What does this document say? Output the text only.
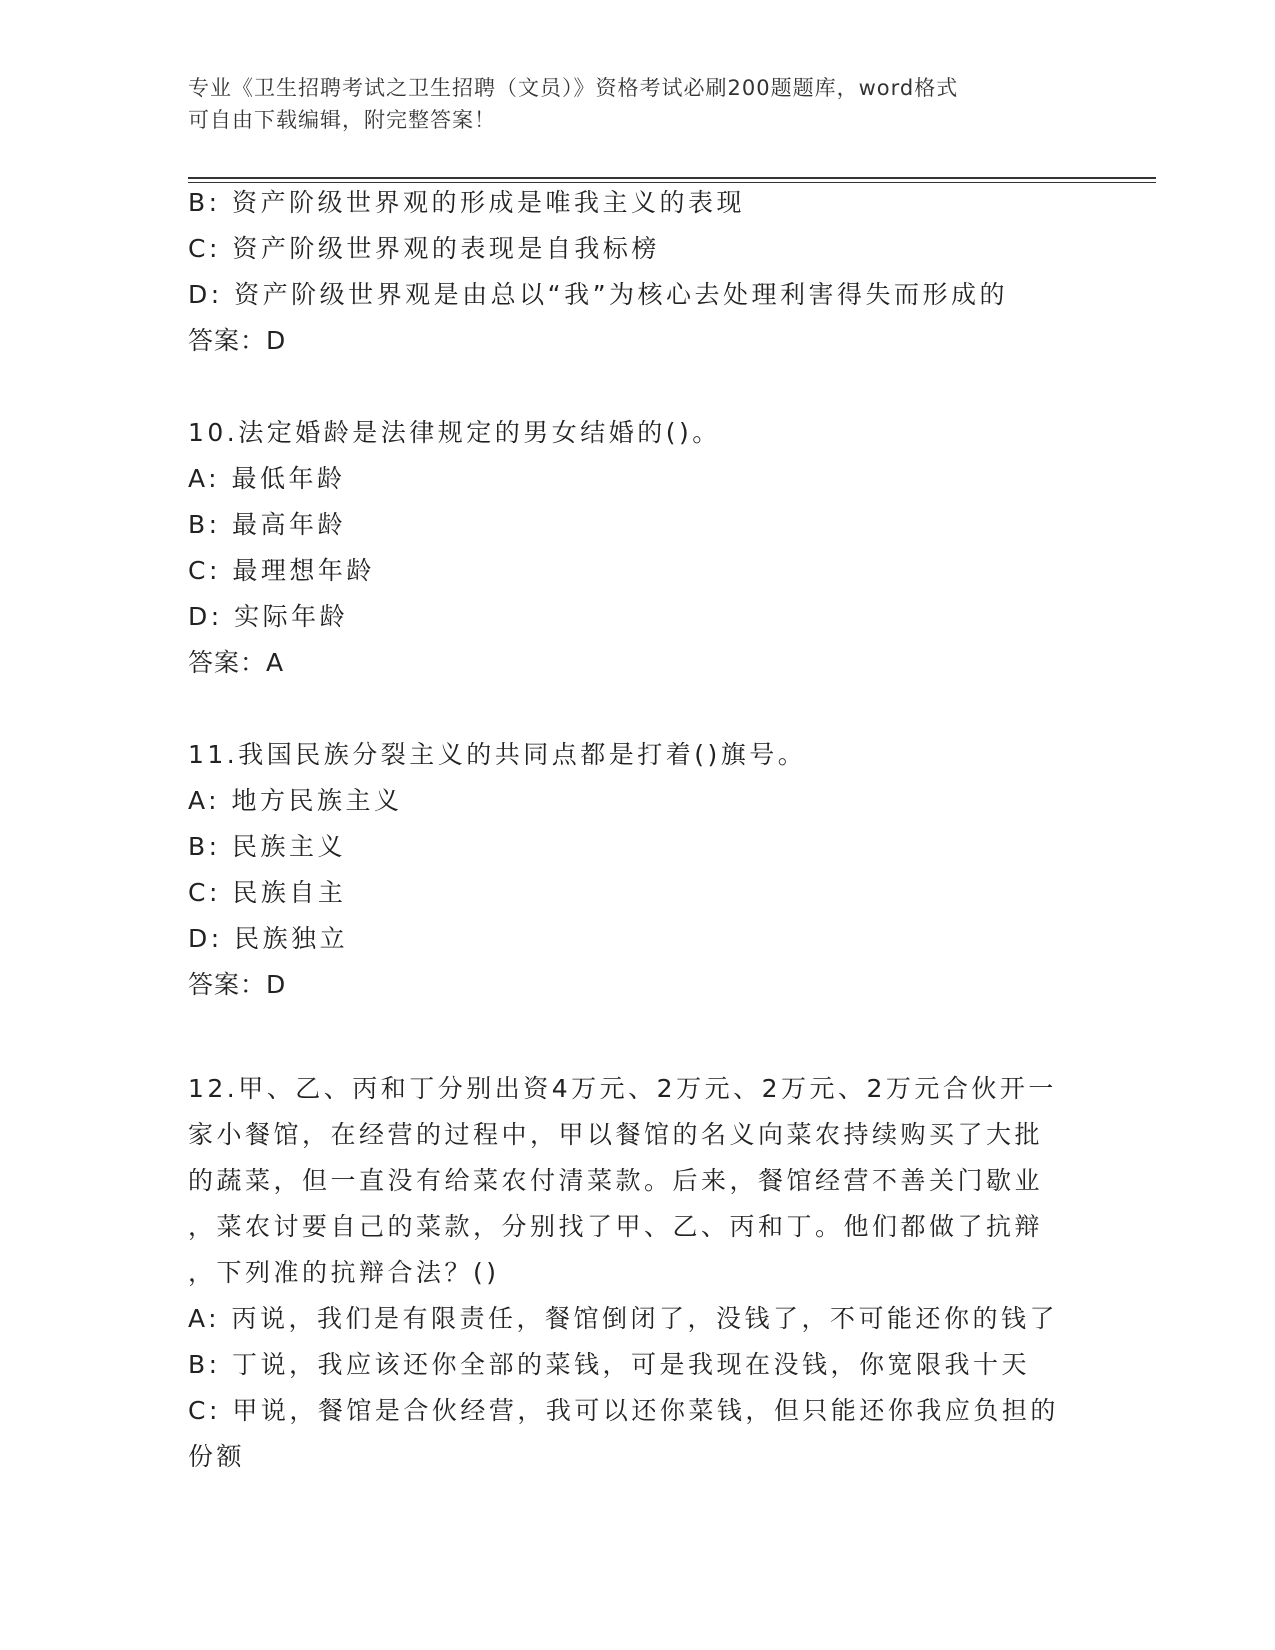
专业《卫生招聘考试之卫生招聘（文员）》资格考试必刷200题题库，word格式
可自由下载编辑，附完整答案！
B: 资产阶级世界观的形成是唯我主义的表现
C: 资产阶级世界观的表现是自我标榜
D: 资产阶级世界观是由总以“我”为核心去处理利害得失而形成的
答案：D
10.法定婚龄是法律规定的男女结婚的()。
A: 最低年龄
B: 最高年龄
C: 最理想年龄
D: 实际年龄
答案：A
11.我国民族分裂主义的共同点都是打着()旗号。
A: 地方民族主义
B: 民族主义
C: 民族自主
D: 民族独立
答案：D
12.甲、乙、丙和丁分别出资4万元、2万元、2万元、2万元合伙开一
家小餐馆，在经营的过程中，甲以餐馆的名义向菜农持续购买了大批
的蔬菜，但一直没有给菜农付清菜款。后来，餐馆经营不善关门歇业
，菜农讨要自己的菜款，分别找了甲、乙、丙和丁。他们都做了抗辩
，下列准的抗辩合法？()
A: 丙说，我们是有限责任，餐馆倒闭了，没钱了，不可能还你的钱了
B: 丁说，我应该还你全部的菜钱，可是我现在没钱，你宽限我十天
C: 甲说，餐馆是合伙经营，我可以还你菜钱，但只能还你我应负担的
份额
